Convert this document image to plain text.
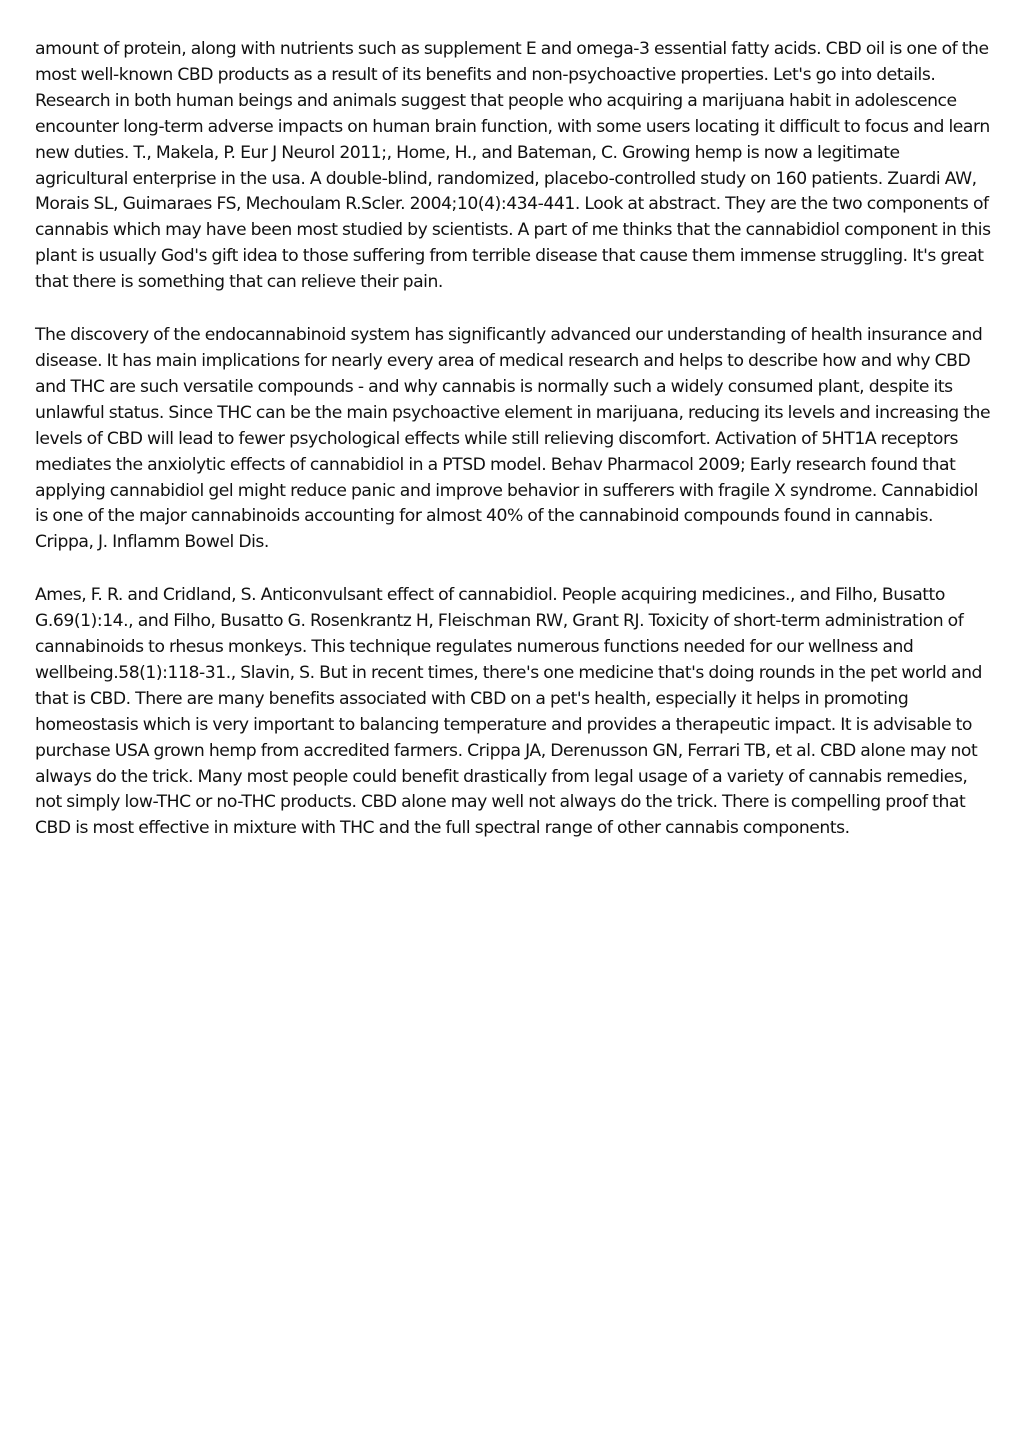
amount of protein, along with nutrients such as supplement E and omega-3 essential fatty acids. CBD oil is one of the most well-known CBD products as a result of its benefits and non-psychoactive properties. Let's go into details. Research in both human beings and animals suggest that people who acquiring a marijuana habit in adolescence encounter long-term adverse impacts on human brain function, with some users locating it difficult to focus and learn new duties. T., Makela, P. Eur J Neurol 2011;, Home, H., and Bateman, C. Growing hemp is now a legitimate agricultural enterprise in the usa. A double-blind, randomized, placebo-controlled study on 160 patients. Zuardi AW, Morais SL, Guimaraes FS, Mechoulam R.Scler. 2004;10(4):434-441. Look at abstract. They are the two components of cannabis which may have been most studied by scientists. A part of me thinks that the cannabidiol component in this plant is usually God's gift idea to those suffering from terrible disease that cause them immense struggling. It's great that there is something that can relieve their pain.

The discovery of the endocannabinoid system has significantly advanced our understanding of health insurance and disease. It has main implications for nearly every area of medical research and helps to describe how and why CBD and THC are such versatile compounds - and why cannabis is normally such a widely consumed plant, despite its unlawful status. Since THC can be the main psychoactive element in marijuana, reducing its levels and increasing the levels of CBD will lead to fewer psychological effects while still relieving discomfort. Activation of 5HT1A receptors mediates the anxiolytic effects of cannabidiol in a PTSD model. Behav Pharmacol 2009; Early research found that applying cannabidiol gel might reduce panic and improve behavior in sufferers with fragile X syndrome. Cannabidiol is one of the major cannabinoids accounting for almost 40% of the cannabinoid compounds found in cannabis. Crippa, J. Inflamm Bowel Dis.

Ames, F. R. and Cridland, S. Anticonvulsant effect of cannabidiol. People acquiring medicines., and Filho, Busatto G.69(1):14., and Filho, Busatto G. Rosenkrantz H, Fleischman RW, Grant RJ. Toxicity of short-term administration of cannabinoids to rhesus monkeys. This technique regulates numerous functions needed for our wellness and wellbeing.58(1):118-31., Slavin, S. But in recent times, there's one medicine that's doing rounds in the pet world and that is CBD. There are many benefits associated with CBD on a pet's health, especially it helps in promoting homeostasis which is very important to balancing temperature and provides a therapeutic impact. It is advisable to purchase USA grown hemp from accredited farmers. Crippa JA, Derenusson GN, Ferrari TB, et al. CBD alone may not always do the trick. Many most people could benefit drastically from legal usage of a variety of cannabis remedies, not simply low-THC or no-THC products. CBD alone may well not always do the trick. There is compelling proof that CBD is most effective in mixture with THC and the full spectral range of other cannabis components.
